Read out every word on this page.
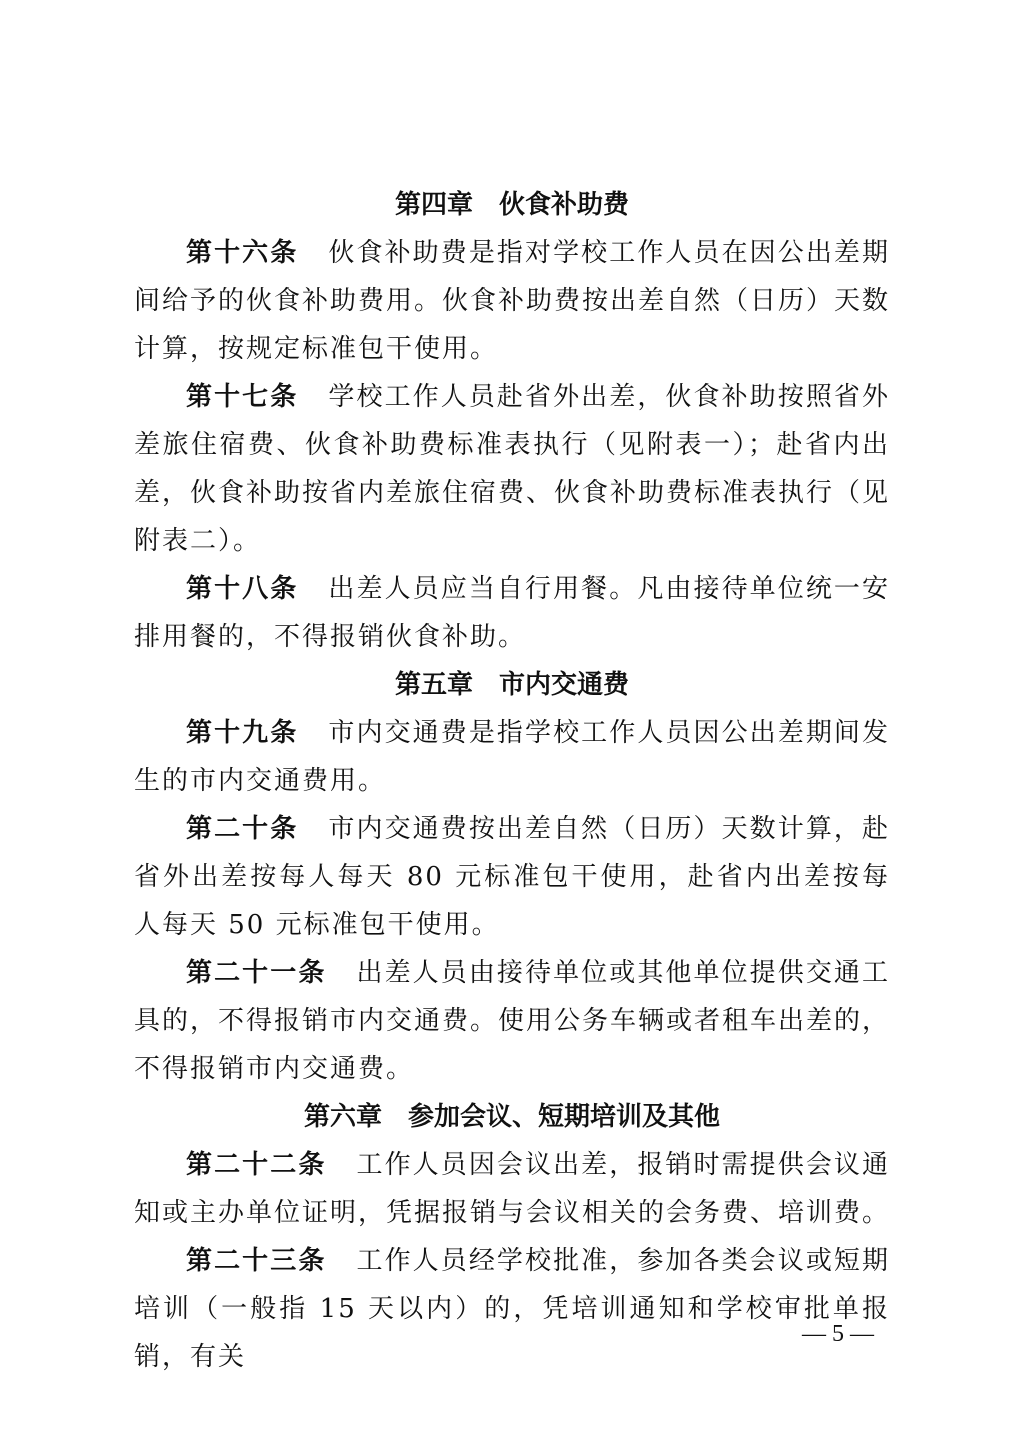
第四章 伙食补助费

第十六条 伙食补助费是指对学校工作人员在因公出差期间给予的伙食补助费用。伙食补助费按出差自然（日历）天数计算，按规定标准包干使用。

第十七条 学校工作人员赴省外出差，伙食补助按照省外差旅住宿费、伙食补助费标准表执行（见附表一）；赴省内出差，伙食补助按省内差旅住宿费、伙食补助费标准表执行（见附表二）。

第十八条 出差人员应当自行用餐。凡由接待单位统一安排用餐的，不得报销伙食补助。

第五章 市内交通费

第十九条 市内交通费是指学校工作人员因公出差期间发生的市内交通费用。

第二十条 市内交通费按出差自然（日历）天数计算，赴省外出差按每人每天 80 元标准包干使用，赴省内出差按每人每天 50 元标准包干使用。

第二十一条 出差人员由接待单位或其他单位提供交通工具的，不得报销市内交通费。使用公务车辆或者租车出差的，不得报销市内交通费。

第六章 参加会议、短期培训及其他

第二十二条 工作人员因会议出差，报销时需提供会议通知或主办单位证明，凭据报销与会议相关的会务费、培训费。

第二十三条 工作人员经学校批准，参加各类会议或短期培训（一般指 15 天以内）的，凭培训通知和学校审批单报销，有关

— 5 —
